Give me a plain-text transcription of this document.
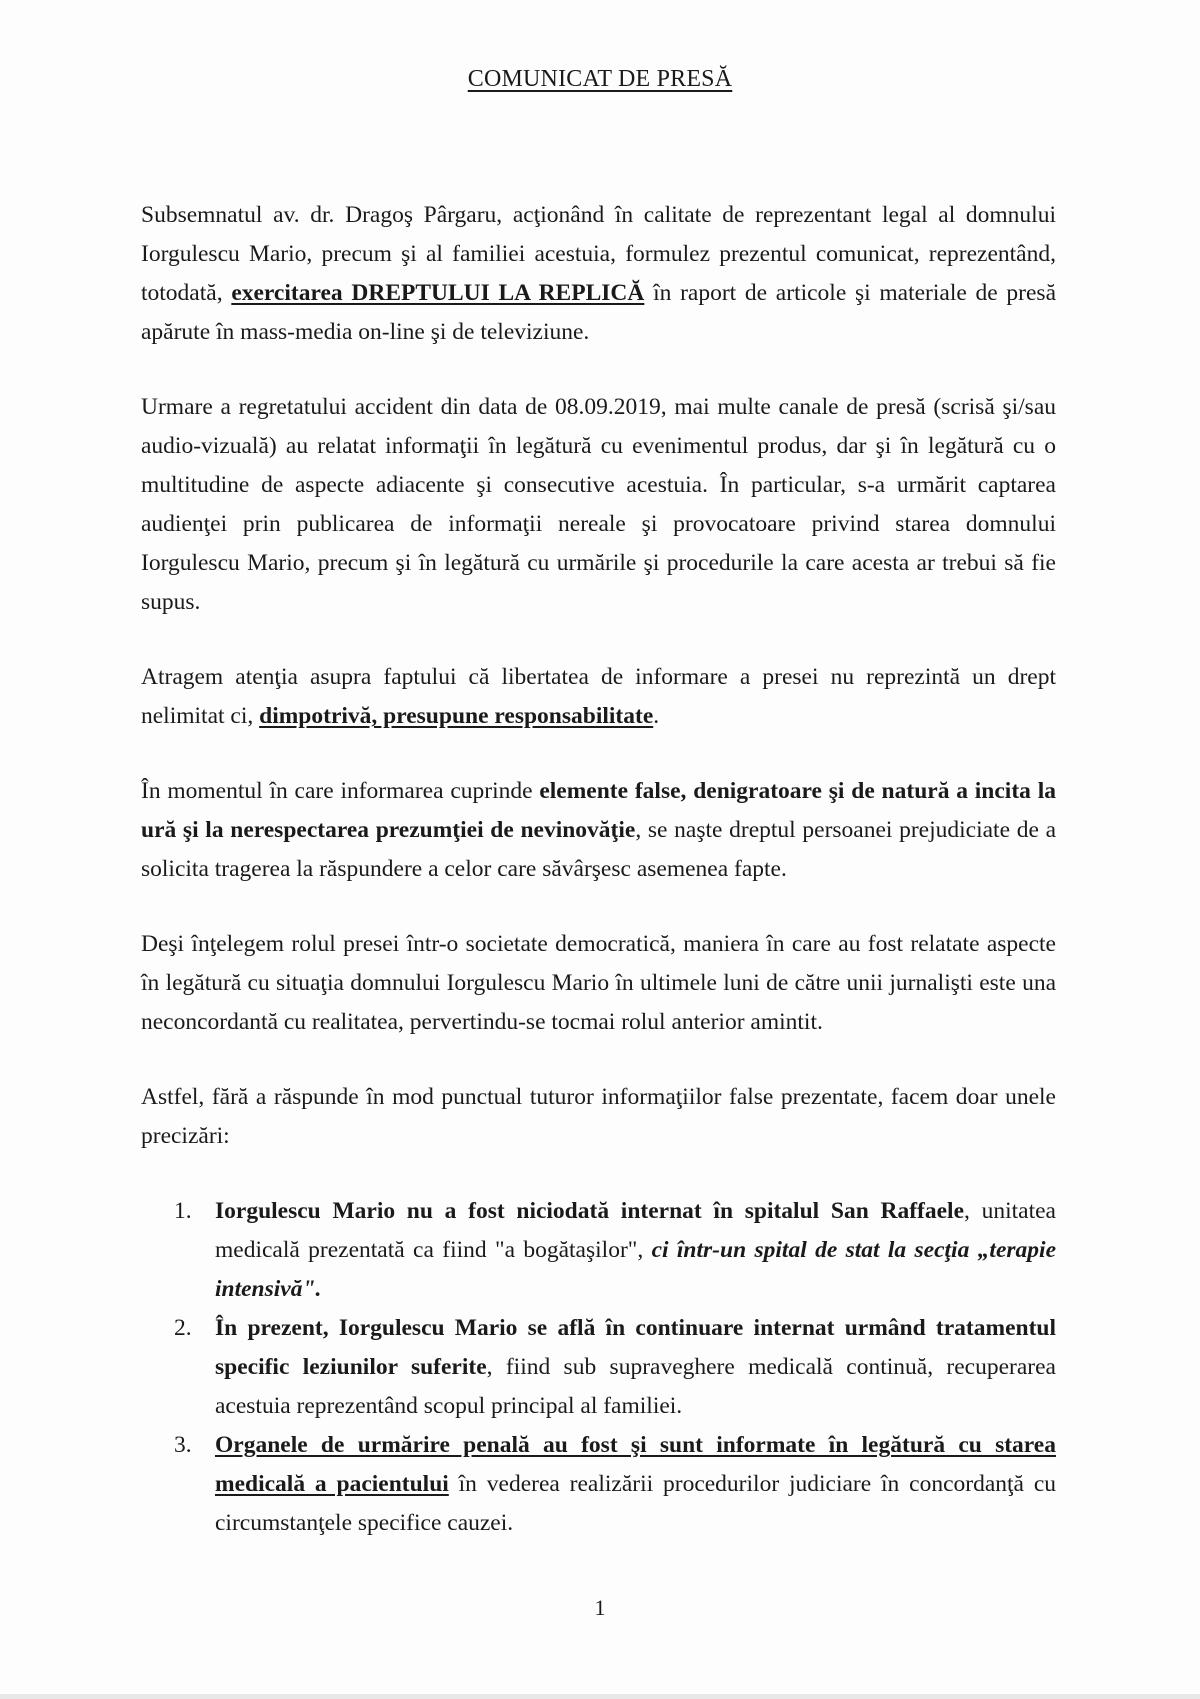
COMUNICAT DE PRESĂ

Subsemnatul av. dr. Dragoş Pârgaru, acţionând în calitate de reprezentant legal al domnului Iorgulescu Mario, precum şi al familiei acestuia, formulez prezentul comunicat, reprezentând, totodată, exercitarea DREPTULUI LA REPLICĂ în raport de articole şi materiale de presă apărute în mass-media on-line şi de televiziune.

Urmare a regretatului accident din data de 08.09.2019, mai multe canale de presă (scrisă şi/sau audio-vizuală) au relatat informaţii în legătură cu evenimentul produs, dar şi în legătură cu o multitudine de aspecte adiacente şi consecutive acestuia. În particular, s-a urmărit captarea audienţei prin publicarea de informaţii nereale şi provocatoare privind starea domnului Iorgulescu Mario, precum şi în legătură cu urmările şi procedurile la care acesta ar trebui să fie supus.

Atragem atenţia asupra faptului că libertatea de informare a presei nu reprezintă un drept nelimitat ci, dimpotrivă, presupune responsabilitate.

În momentul în care informarea cuprinde elemente false, denigratoare şi de natură a incita la ură şi la nerespectarea prezumţiei de nevinovăţie, se naşte dreptul persoanei prejudiciate de a solicita tragerea la răspundere a celor care săvârşesc asemenea fapte.

Deşi înţelegem rolul presei într-o societate democratică, maniera în care au fost relatate aspecte în legătură cu situaţia domnului Iorgulescu Mario în ultimele luni de către unii jurnalişti este una neconcordantă cu realitatea, pervertindu-se tocmai rolul anterior amintit.

Astfel, fără a răspunde în mod punctual tuturor informaţiilor false prezentate, facem doar unele precizări:

1. Iorgulescu Mario nu a fost niciodată internat în spitalul San Raffaele, unitatea medicală prezentată ca fiind "a bogătaşilor", ci într-un spital de stat la secţia „terapie intensivă".
2. În prezent, Iorgulescu Mario se află în continuare internat urmând tratamentul specific leziunilor suferite, fiind sub supraveghere medicală continuă, recuperarea acestuia reprezentând scopul principal al familiei.
3. Organele de urmărire penală au fost şi sunt informate în legătură cu starea medicală a pacientului în vederea realizării procedurilor judiciare în concordanţă cu circumstanţele specifice cauzei.
1
